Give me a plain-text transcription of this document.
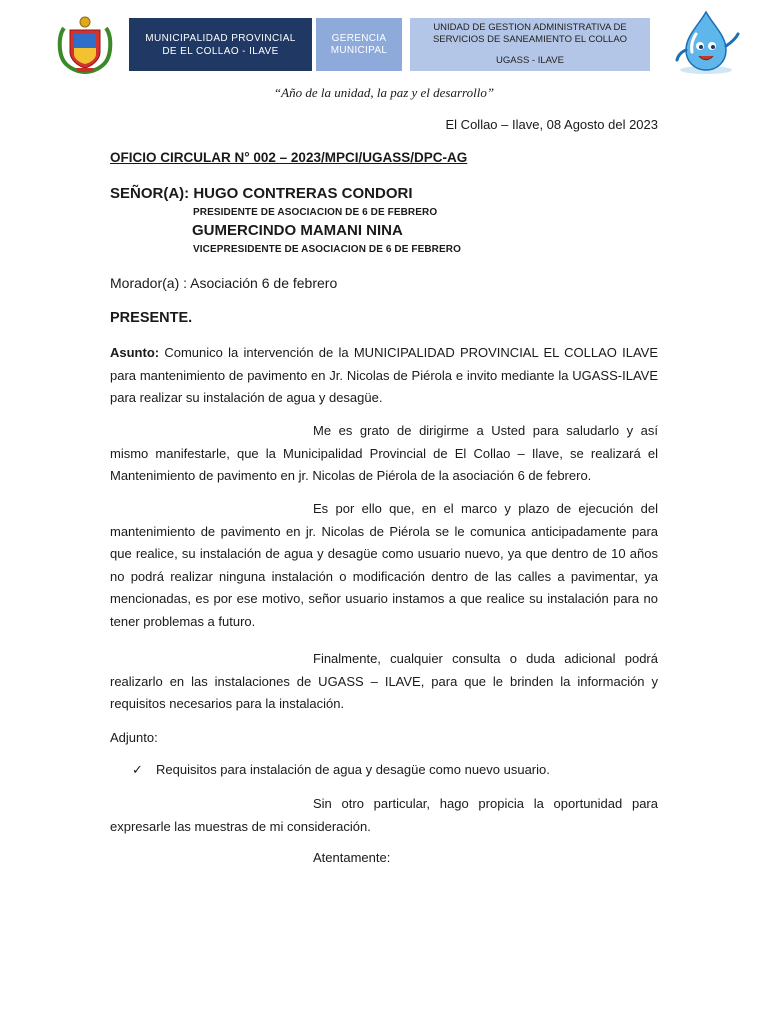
MUNICIPALIDAD PROVINCIAL
DE EL COLLAO - ILAVE
GERENCIA
MUNICIPAL
UNIDAD DE GESTION ADMINISTRATIVA DE
SERVICIOS DE SANEAMIENTO EL COLLAO
UGASS - ILAVE
“Año de la unidad, la paz y el desarrollo”
El Collao – Ilave, 08 Agosto del 2023
OFICIO CIRCULAR N° 002 – 2023/MPCI/UGASS/DPC-AG
SEÑOR(A): HUGO CONTRERAS CONDORI
PRESIDENTE DE ASOCIACION DE 6 DE FEBRERO
GUMERCINDO MAMANI NINA
VICEPRESIDENTE DE ASOCIACION DE 6 DE FEBRERO
Morador(a) : Asociación 6 de febrero
PRESENTE.
Asunto: Comunico la intervención de la MUNICIPALIDAD PROVINCIAL EL COLLAO ILAVE para mantenimiento de pavimento en Jr. Nicolas de Piérola e invito mediante la UGASS-ILAVE para realizar su instalación de agua y desagüe.
Me es grato de dirigirme a Usted para saludarlo y así mismo manifestarle, que la Municipalidad Provincial de El Collao – Ilave, se realizará el Mantenimiento de pavimento en jr. Nicolas de Piérola de la asociación 6 de febrero.
Es por ello que, en el marco y plazo de ejecución del mantenimiento de pavimento en jr. Nicolas de Piérola se le comunica anticipadamente para que realice, su instalación de agua y desagüe como usuario nuevo, ya que dentro de 10 años no podrá realizar ninguna instalación o modificación dentro de las calles a pavimentar, ya mencionadas, es por ese motivo, señor usuario instamos a que realice su instalación para no tener problemas a futuro.
Finalmente, cualquier consulta o duda adicional podrá realizarlo en las instalaciones de UGASS – ILAVE, para que le brinden la información y requisitos necesarios para la instalación.
Adjunto:
✓	Requisitos para instalación de agua y desagüe como nuevo usuario.
Sin otro particular, hago propicia la oportunidad para expresarle las muestras de mi consideración.
Atentamente:
